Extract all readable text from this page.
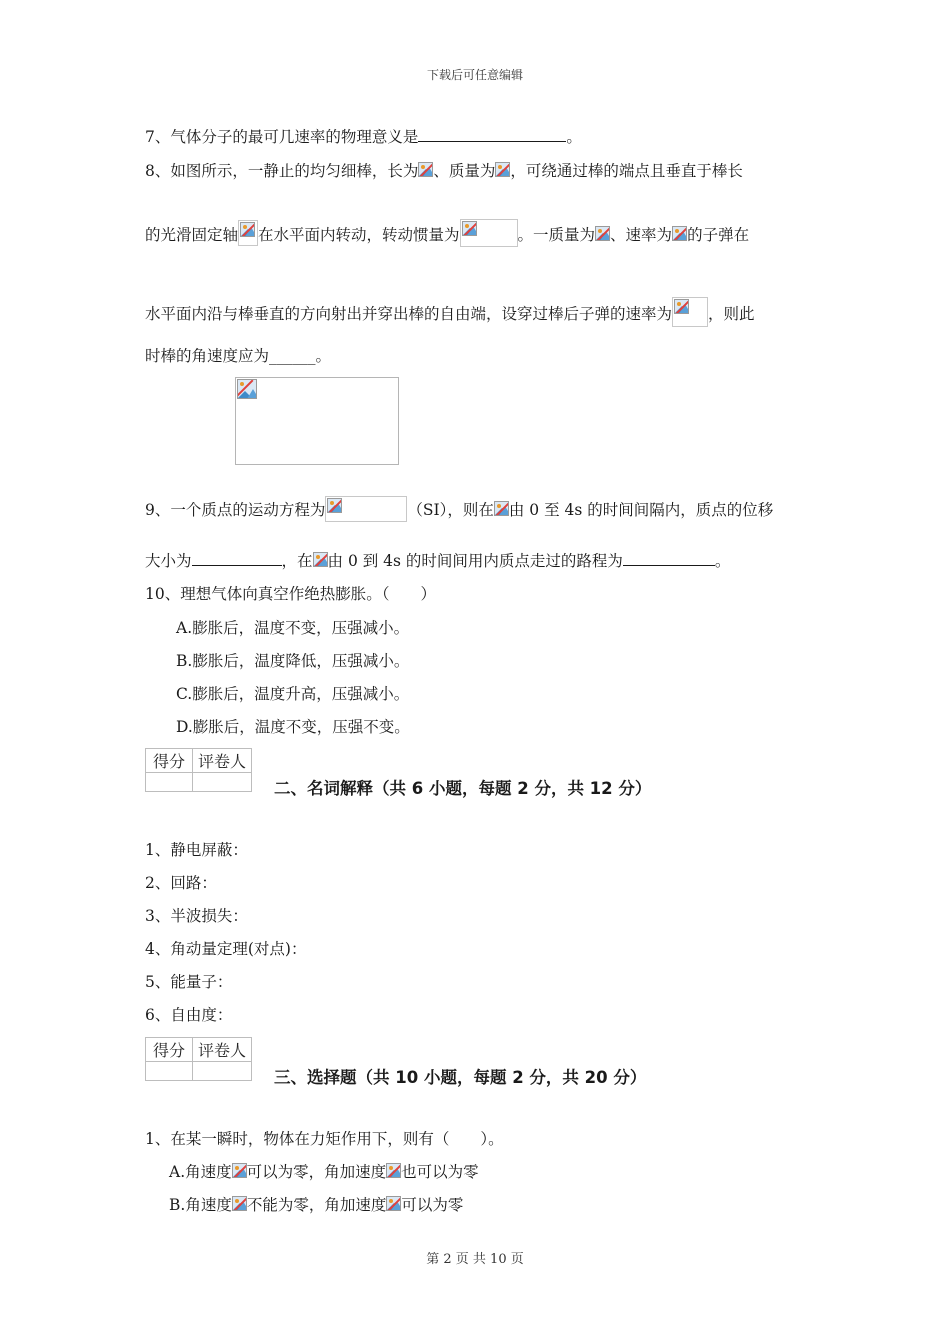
下载后可任意编辑
7、气体分子的最可几速率的物理意义是	。
8、如图所示，一静止的均匀细棒，长为 、质量为 ，可绕通过棒的端点且垂直于棒长
的光滑固定轴 在水平面内转动，转动惯量为	。一质量为 、速率为 的子弹在
水平面内沿与棒垂直的方向射出并穿出棒的自由端，设穿过棒后子弹的速率为 ，则此
时棒的角速度应为______。
9、一个质点的运动方程为	（SI），则在 由 0 至 4s 的时间间隔内，质点的位移
大小为	，在 由 0 到 4s 的时间间用内质点走过的路程为	。
10、理想气体向真空作绝热膨胀。（　　）
A.膨胀后，温度不变，压强减小。
B.膨胀后，温度降低，压强减小。
C.膨胀后，温度升高，压强减小。
D.膨胀后，温度不变，压强不变。
得分	评卷人

二、名词解释（共 6 小题，每题 2 分，共 12 分）
1、静电屏蔽：
2、回路：
3、半波损失：
4、角动量定理(对点)：
5、能量子：
6、自由度：
得分	评卷人

三、选择题（共 10 小题，每题 2 分，共 20 分）
1、在某一瞬时，物体在力矩作用下，则有（　　）。
A.角速度 可以为零，角加速度 也可以为零
B.角速度 不能为零，角加速度 可以为零
第 2 页 共 10 页
